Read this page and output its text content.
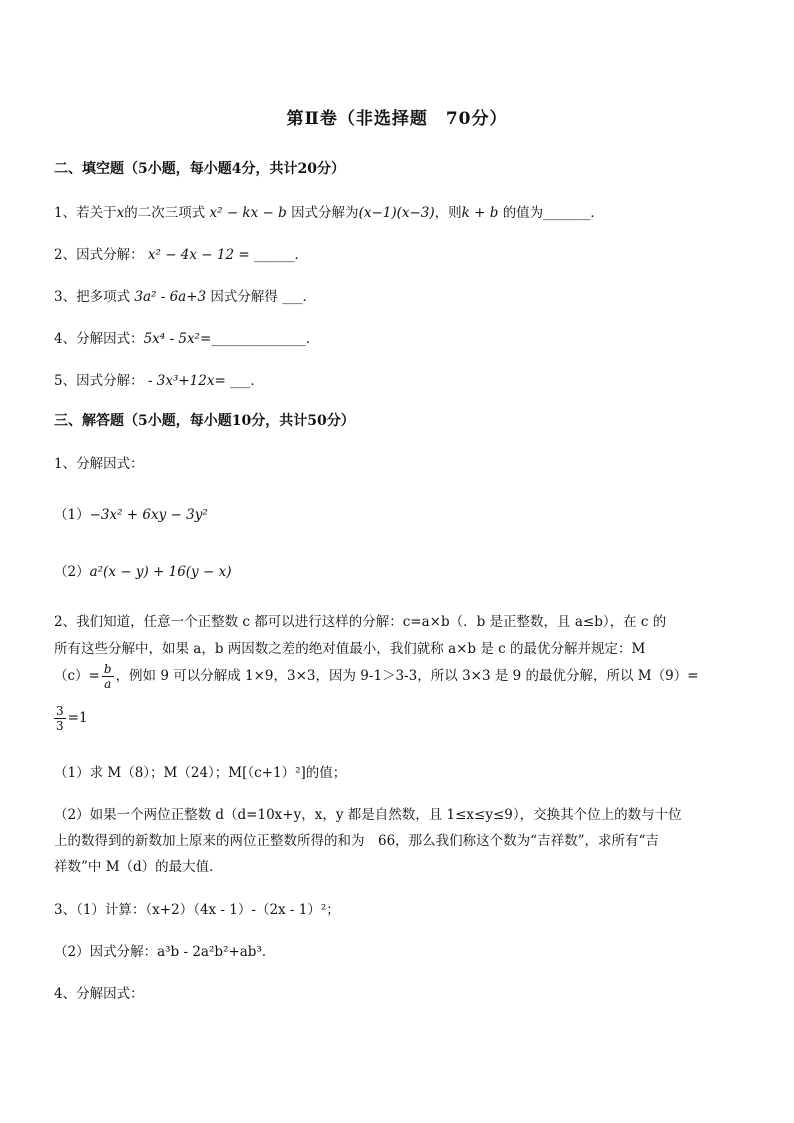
第Ⅱ卷（非选择题　70分）
二、填空题（5小题，每小题4分，共计20分）
1、若关于x的二次三项式 x² − kx − b 因式分解为(x−1)(x−3)，则k + b 的值为_______．
2、因式分解： x² − 4x − 12 = ______．
3、把多项式 3a² - 6a+3 因式分解得 ___．
4、分解因式：5x⁴ - 5x²=______________．
5、因式分解： - 3x³+12x= ___．
三、解答题（5小题，每小题10分，共计50分）
1、分解因式：
（1）−3x² + 6xy − 3y²
（2）a²(x − y) + 16(y − x)
2、我们知道，任意一个正整数 c 都可以进行这样的分解：c=a×b（．b 是正整数，且 a≤b），在 c 的
所有这些分解中，如果 a，b 两因数之差的绝对值最小，我们就称 a×b 是 c 的最优分解并规定：M
$(c)= \frac{b}{a}$ ，例如 9 可以分解成 1×9，3×3，因为 9-1＞3-3，所以 3×3 是 9 的最优分解，所以 M（9）=
$\frac{3}{3} =1$
（1）求 M（8）；M（24）；M[（c+1）²]的值；
（2）如果一个两位正整数 d（d=10x+y，x，y 都是自然数，且 1≤x≤y≤9），交换其个位上的数与十位
上的数得到的新数加上原来的两位正整数所得的和为　66，那么我们称这个数为“吉祥数”，求所有“吉
祥数”中 M（d）的最大值．
3、（1）计算：（x+2）（4x - 1）-（2x - 1）²；
（2）因式分解：a³b - 2a²b²+ab³．
4、分解因式：
